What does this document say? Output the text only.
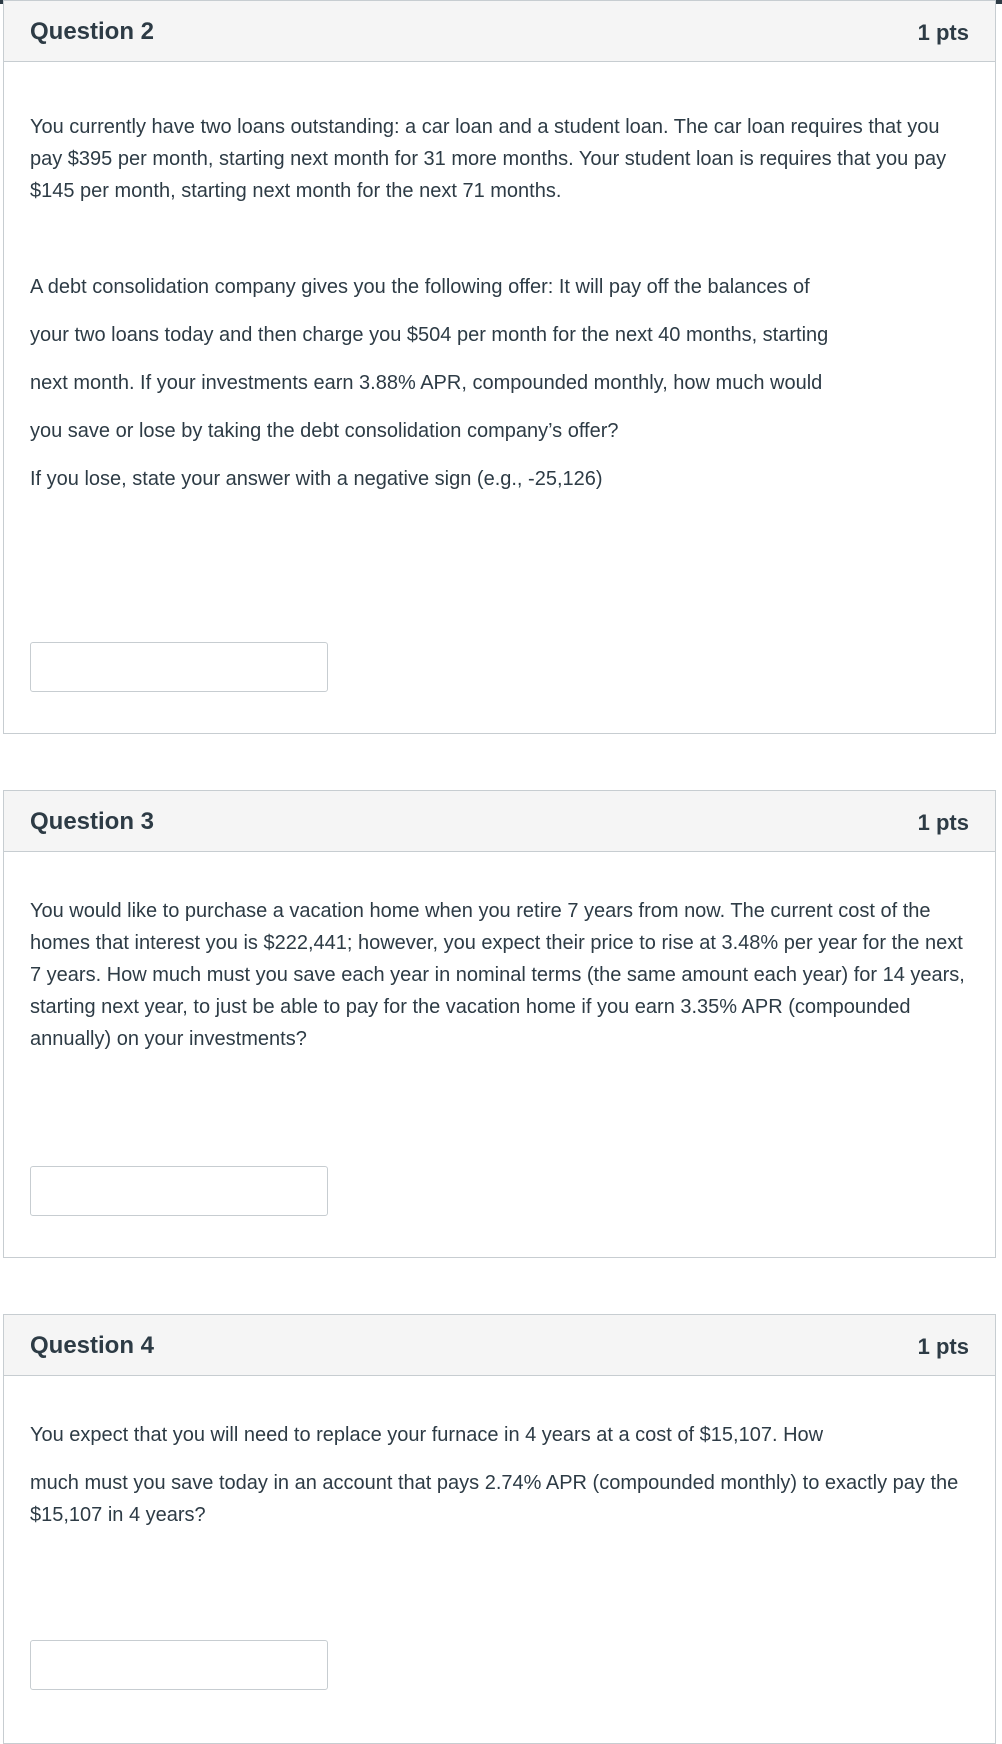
Question 2	1 pts

You currently have two loans outstanding: a car loan and a student loan. The car loan requires that you pay $395 per month, starting next month for 31 more months. Your student loan is requires that you pay $145 per month, starting next month for the next 71 months.

A debt consolidation company gives you the following offer: It will pay off the balances of

your two loans today and then charge you $504 per month for the next 40 months, starting

next month. If your investments earn 3.88% APR, compounded monthly, how much would

you save or lose by taking the debt consolidation company’s offer?

If you lose, state your answer with a negative sign (e.g., -25,126)

Question 3	1 pts

You would like to purchase a vacation home when you retire 7 years from now. The current cost of the homes that interest you is $222,441; however, you expect their price to rise at 3.48% per year for the next 7 years. How much must you save each year in nominal terms (the same amount each year) for 14 years, starting next year, to just be able to pay for the vacation home if you earn 3.35% APR (compounded annually) on your investments?

Question 4	1 pts

You expect that you will need to replace your furnace in 4 years at a cost of $15,107. How

much must you save today in an account that pays 2.74% APR (compounded monthly) to exactly pay the $15,107 in 4 years?
